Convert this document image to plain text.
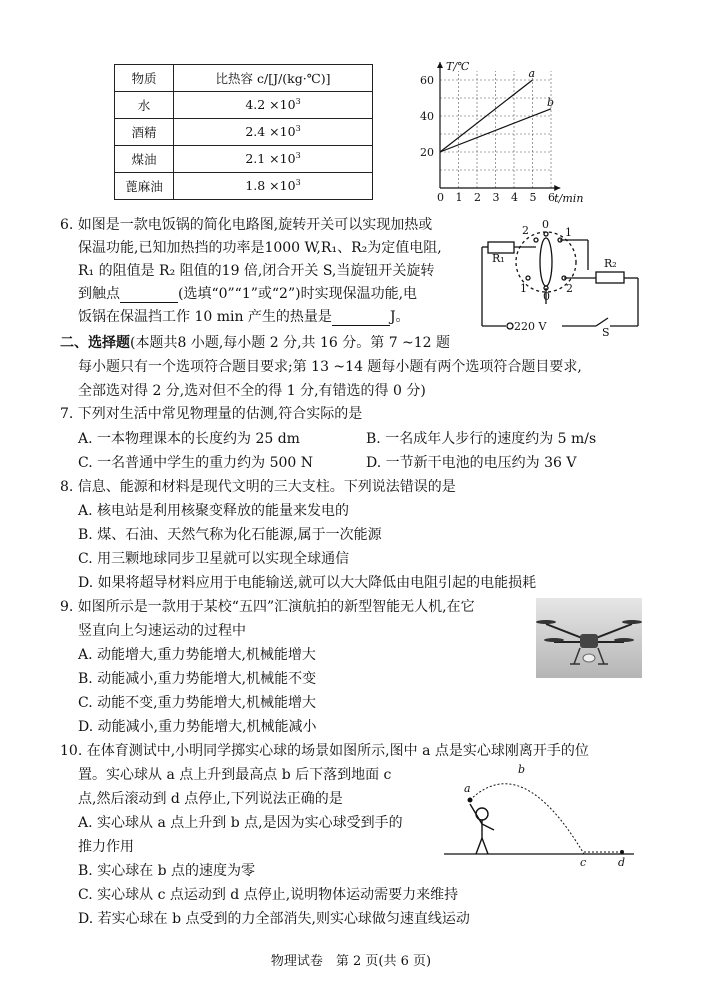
物质	比热容 c/[J/(kg·℃)]
水	$4.2 \times 10^3$
酒精	$2.4 \times 10^3$
煤油	$2.1 \times 10^3$
蓖麻油	$1.8 \times 10^3$
0 1 2 3 4 5 6
20
40
60
T/℃
t/min
a
b
6. 如图是一款电饭锅的简化电路图,旋转开关可以实现加热或
保温功能,已知加热挡的功率是1000 W,R₁、R₂为定值电阻,
R₁ 的阻值是 R₂ 阻值的19 倍,闭合开关 S,当旋钮开关旋转
到触点	(选填“0”“1”或“2”)时实现保温功能,电
饭锅在保温挡工作 10 min 产生的热量是	J。
R₁	R₂
220 V	S
2 0
1
1
0
2
二、选择题(本题共8 小题,每小题 2 分,共 16 分。第 7 ~12 题
每小题只有一个选项符合题目要求;第 13 ~14 题每小题有两个选项符合题目要求,
全部选对得 2 分,选对但不全的得 1 分,有错选的得 0 分)
7. 下列对生活中常见物理量的估测,符合实际的是
A. 一本物理课本的长度约为 25 dm	B. 一名成年人步行的速度约为 5 m/s
C. 一名普通中学生的重力约为 500 N	D. 一节新干电池的电压约为 36 V
8. 信息、能源和材料是现代文明的三大支柱。下列说法错误的是
A. 核电站是利用核聚变释放的能量来发电的
B. 煤、石油、天然气称为化石能源,属于一次能源
C. 用三颗地球同步卫星就可以实现全球通信
D. 如果将超导材料应用于电能输送,就可以大大降低由电阻引起的电能损耗
9. 如图所示是一款用于某校“五四”汇演航拍的新型智能无人机,在它
竖直向上匀速运动的过程中
A. 动能增大,重力势能增大,机械能增大
B. 动能减小,重力势能增大,机械能不变
C. 动能不变,重力势能增大,机械能增大
D. 动能减小,重力势能增大,机械能减小
10. 在体育测试中,小明同学掷实心球的场景如图所示,图中 a 点是实心球刚离开手的位
置。实心球从 a 点上升到最高点 b 后下落到地面 c
点,然后滚动到 d 点停止,下列说法正确的是
A. 实心球从 a 点上升到 b 点,是因为实心球受到手的
推力作用
B. 实心球在 b 点的速度为零
C. 实心球从 c 点运动到 d 点停止,说明物体运动需要力来维持
D. 若实心球在 b 点受到的力全部消失,则实心球做匀速直线运动
a
b
c	d
物理试卷　第 2 页(共 6 页)
